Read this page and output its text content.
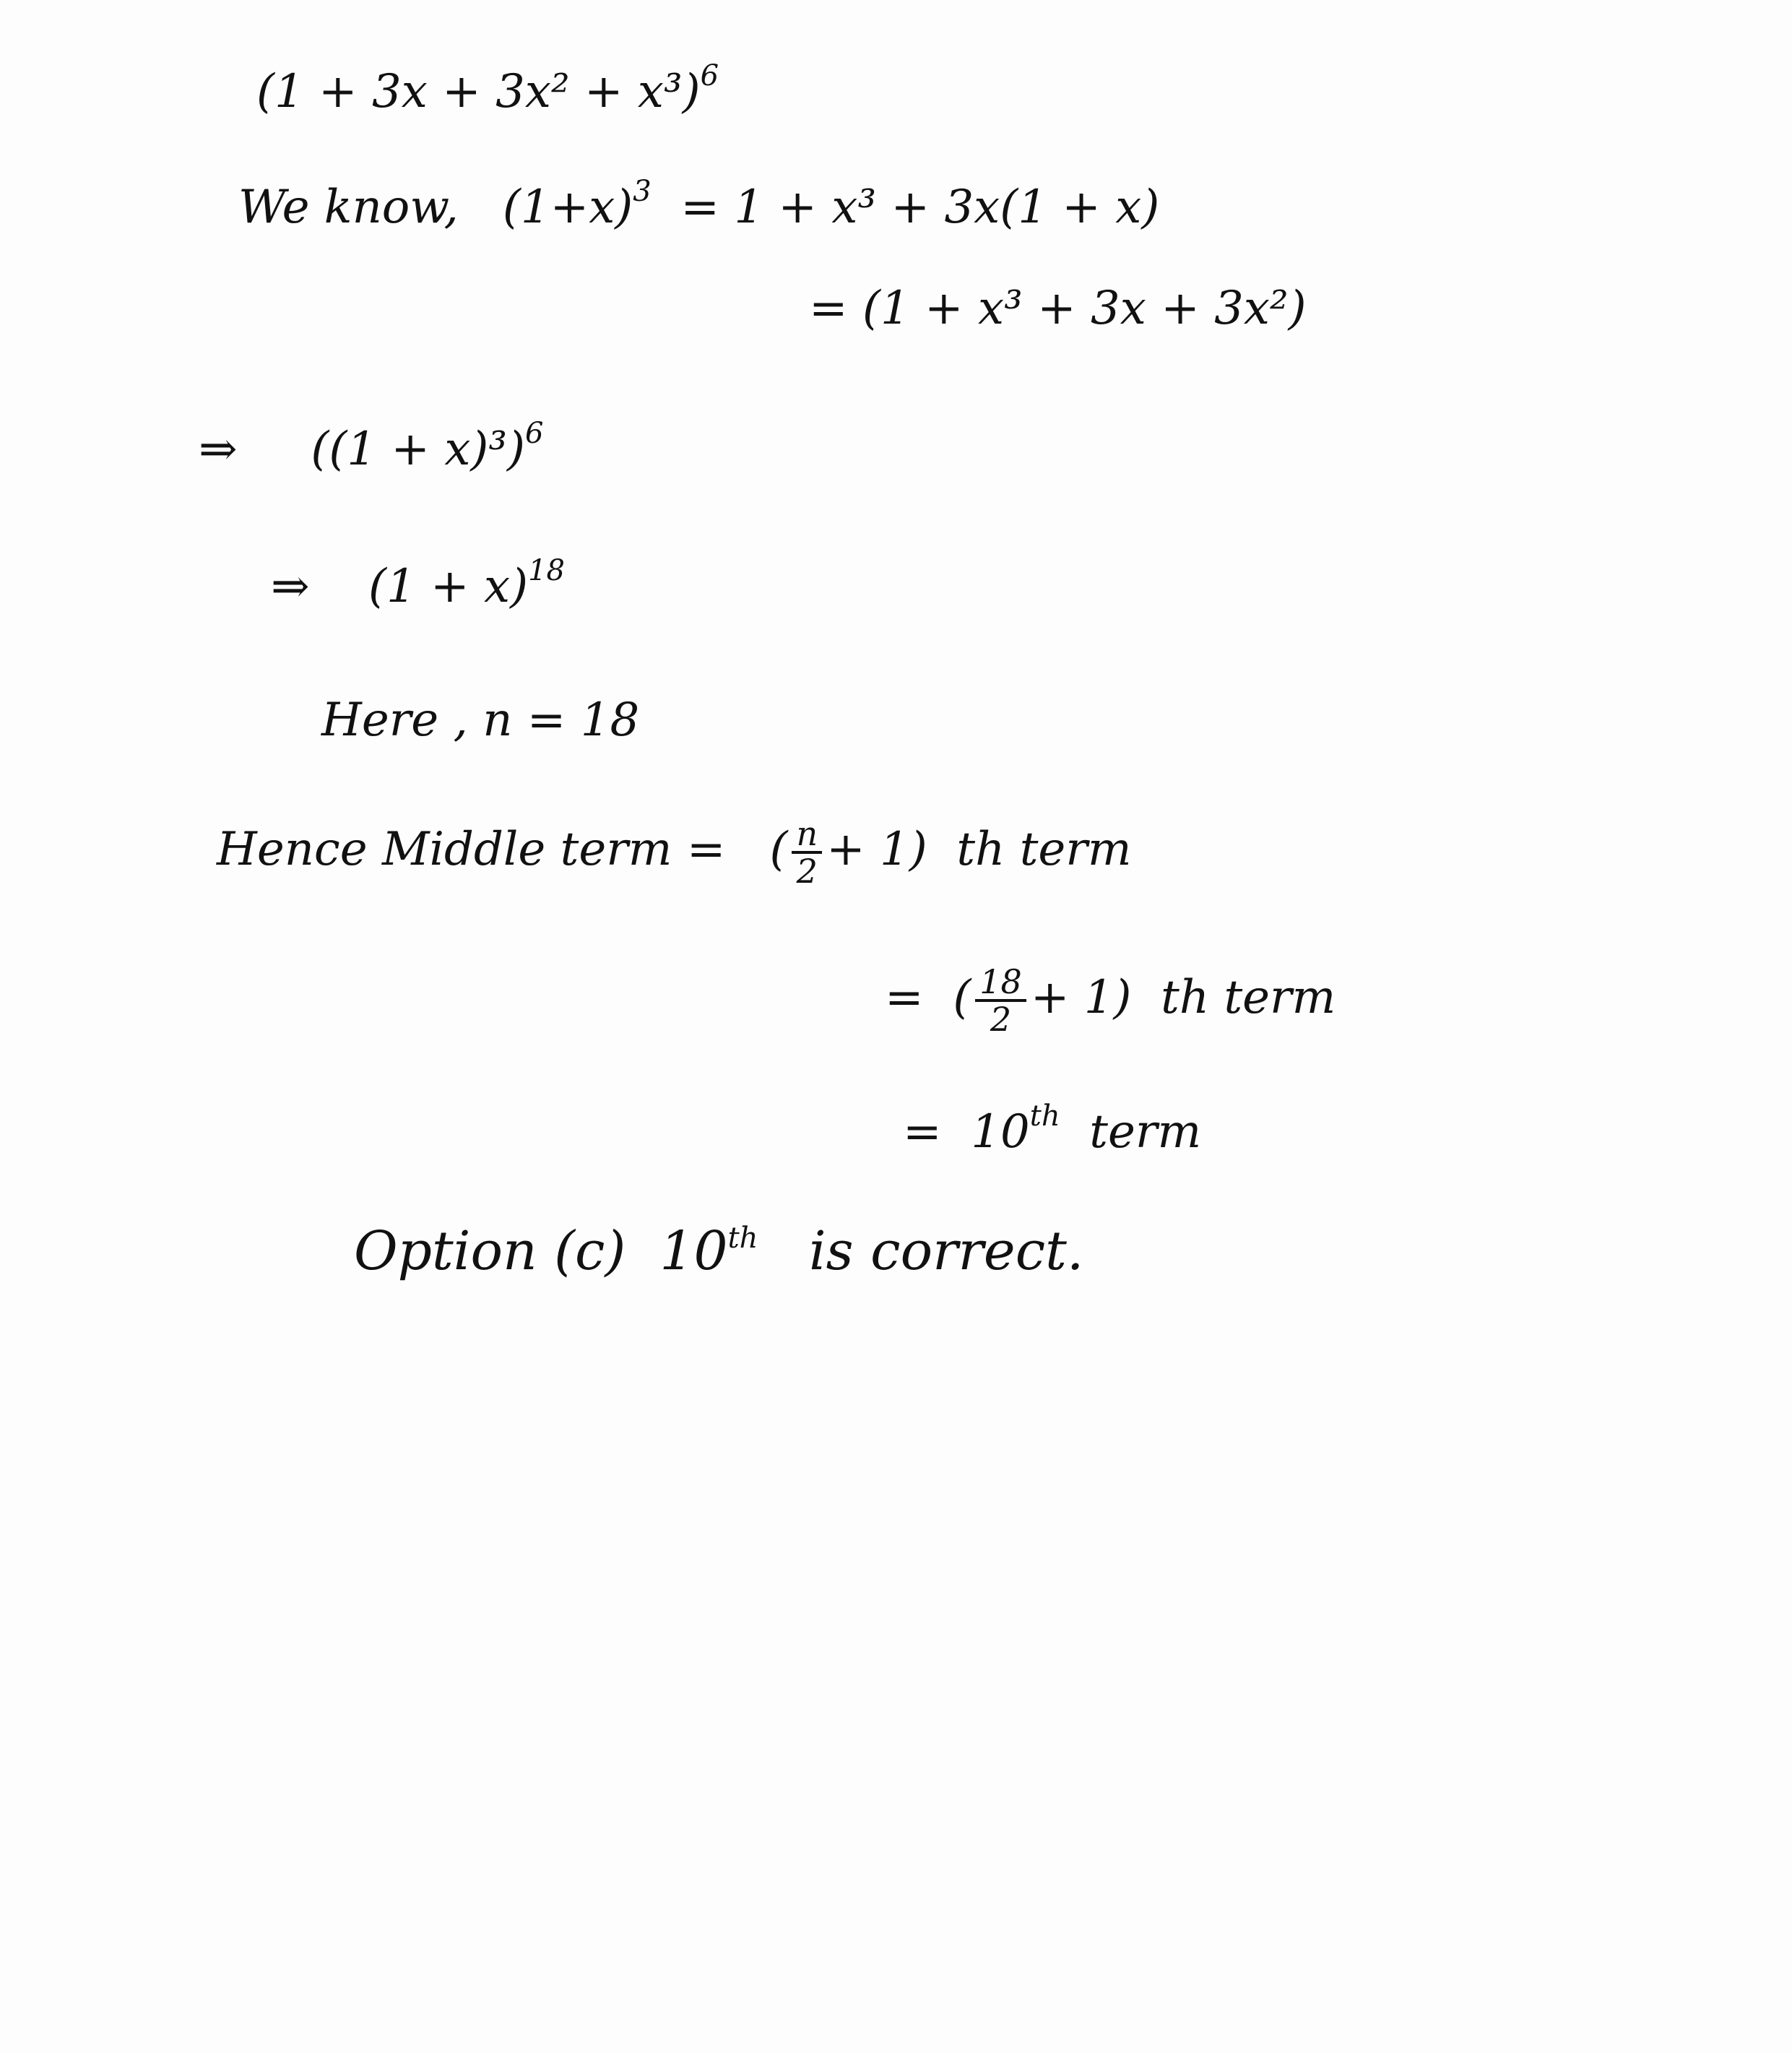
$(1 + 3x + 3x^2 + x^3)^6$
We know, $(1+x)^3 = 1 + x^3 + 3x(1 + x)$
= (1 + x³ + 3x + 3x²)
⇒ $((1 + x)^3)^6$
⇒ $(1 + x)^{18}$
Here , n = 18
Hence Middle term = ( $\frac{n}{2} + 1$) th term
= ( $\frac{18}{2} + 1$) th term
= 10th term
Option (c) 10th is correct.
